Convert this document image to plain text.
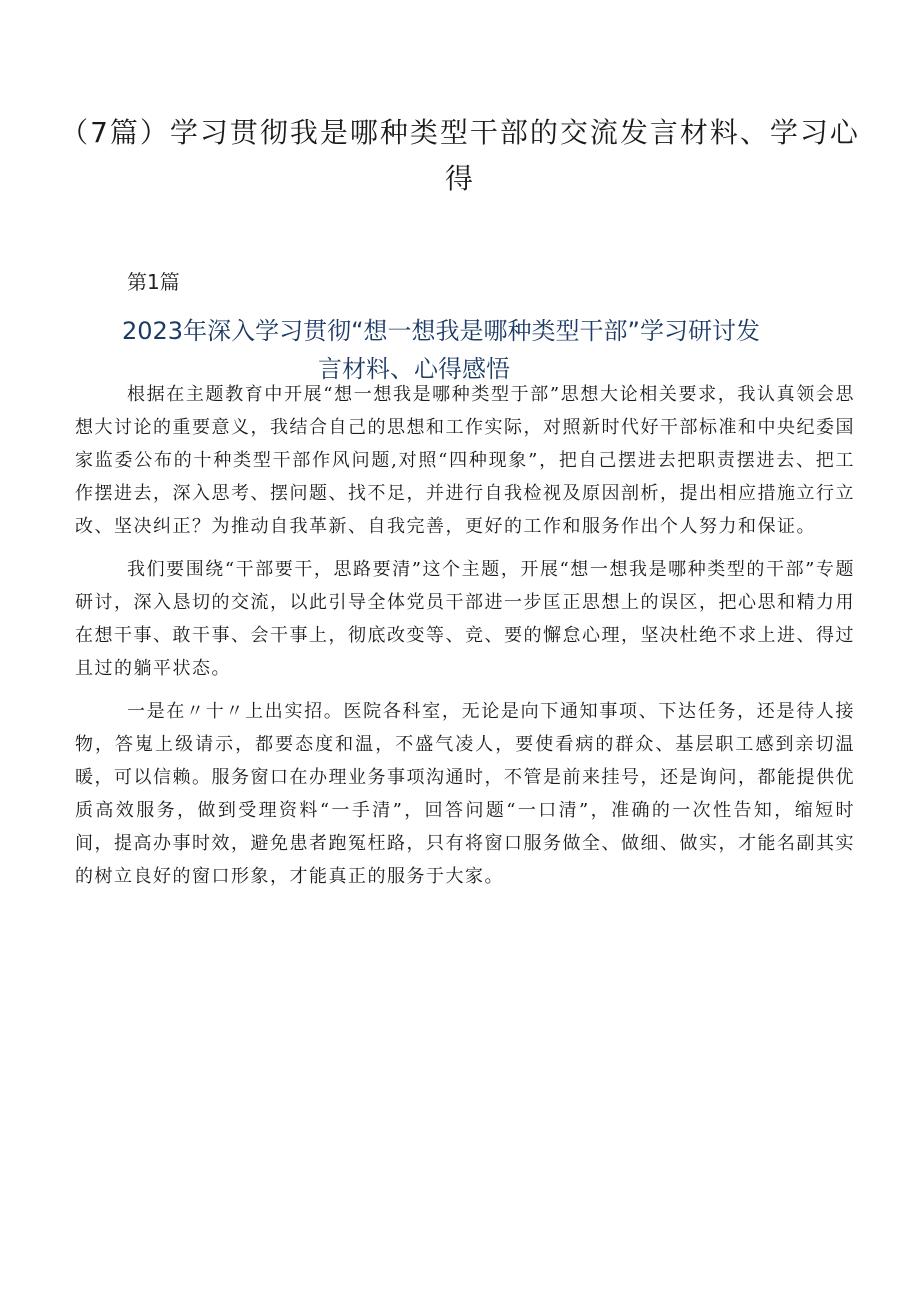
（7篇）学习贯彻我是哪种类型干部的交流发言材料、学习心得
第1篇
2023年深入学习贯彻“想一想我是哪种类型干部”学习研讨发
言材料、心得感悟

根据在主题教育中开展“想一想我是哪种类型于部”思想大论相关要求，我认真领会思想大讨论的重要意义，我结合自己的思想和工作实际，对照新时代好干部标准和中央纪委国家监委公布的十种类型干部作风问题,对照“四种现象”，把自己摆进去把职责摆进去、把工作摆进去，深入思考、摆问题、找不足，并进行自我检视及原因剖析，提出相应措施立行立改、坚决纠正？为推动自我革新、自我完善，更好的工作和服务作出个人努力和保证。

我们要围绕“干部要干，思路要清”这个主题，开展“想一想我是哪种类型的干部”专题研讨，深入恳切的交流，以此引导全体党员干部进一步匡正思想上的误区，把心思和精力用在想干事、敢干事、会干事上，彻底改变等、竞、要的懈怠心理，坚决杜绝不求上进、得过且过的躺平状态。

一是在〃十〃上出实招。医院各科室，无论是向下通知事项、下达任务，还是待人接物，答嵬上级请示，都要态度和温，不盛气凌人，要使看病的群众、基层职工感到亲切温暖，可以信赖。服务窗口在办理业务事项沟通时，不管是前来挂号，还是询问，都能提供优质高效服务，做到受理资料“一手清”，回答问题“一口清”，准确的一次性告知，缩短时间，提高办事时效，避免患者跑冤枉路，只有将窗口服务做全、做细、做实，才能名副其实的树立良好的窗口形象，才能真正的服务于大家。
